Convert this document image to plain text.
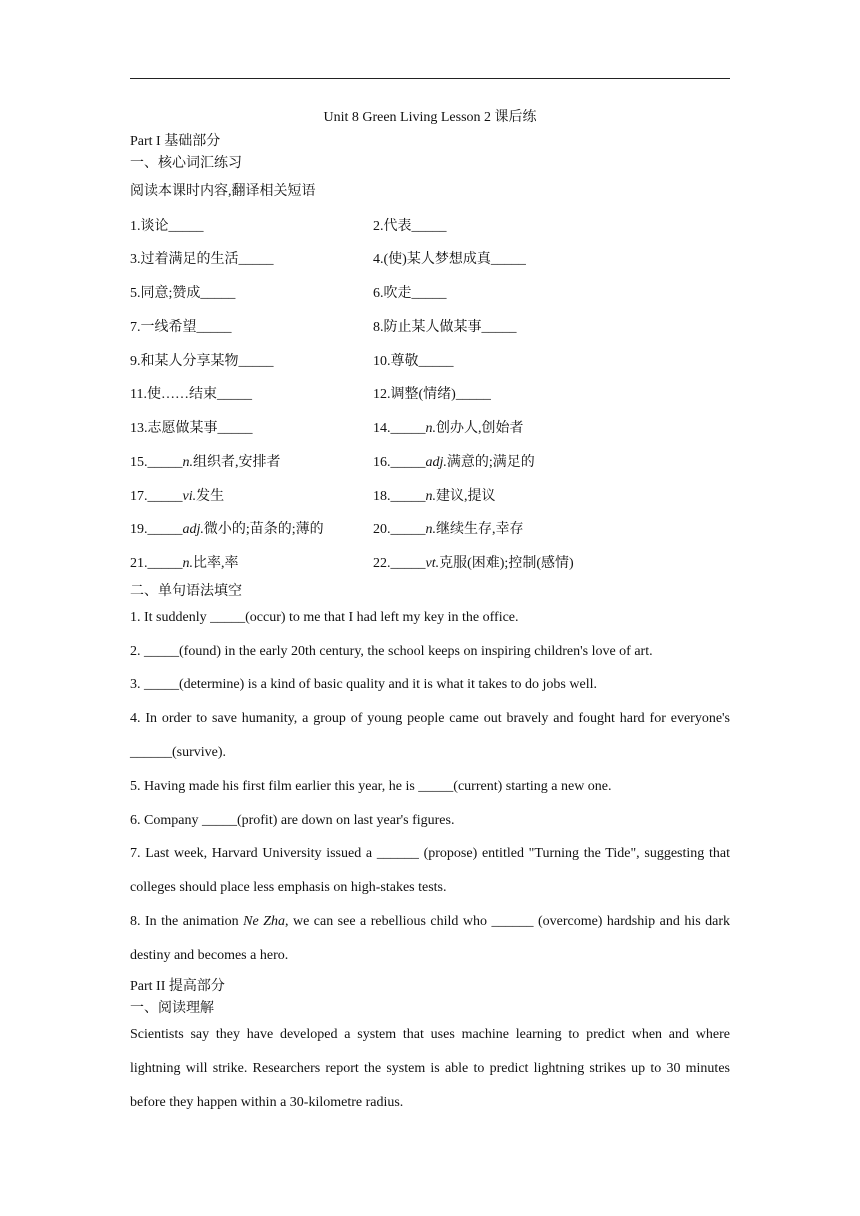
Unit 8 Green Living Lesson 2 课后练
Part I 基础部分
一、核心词汇练习
阅读本课时内容,翻译相关短语
1.谈论_____	2.代表_____
3.过着满足的生活_____	4.(使)某人梦想成真_____
5.同意;赞成_____	6.吹走_____
7.一线希望_____	8.防止某人做某事_____
9.和某人分享某物_____	10.尊敬_____
11.使……结束_____	12.调整(情绪)_____
13.志愿做某事_____	14._____n.创办人,创始者
15._____n.组织者,安排者	16._____adj.满意的;满足的
17._____vi.发生	18._____n.建议,提议
19._____adj.微小的;苗条的;薄的	20._____n.继续生存,幸存
21._____n.比率,率	22._____vt.克服(困难);控制(感情)
二、单句语法填空
1. It suddenly _____(occur) to me that I had left my key in the office.
2. _____(found) in the early 20th century, the school keeps on inspiring children's love of art.
3. _____(determine) is a kind of basic quality and it is what it takes to do jobs well.
4. In order to save humanity, a group of young people came out bravely and fought hard for everyone's ______(survive).
5. Having made his first film earlier this year, he is _____(current) starting a new one.
6. Company _____(profit) are down on last year's figures.
7. Last week, Harvard University issued a ______ (propose) entitled "Turning the Tide", suggesting that colleges should place less emphasis on high-stakes tests.
8. In the animation Ne Zha, we can see a rebellious child who ______ (overcome) hardship and his dark destiny and becomes a hero.
Part II 提高部分
一、阅读理解
Scientists say they have developed a system that uses machine learning to predict when and where lightning will strike. Researchers report the system is able to predict lightning strikes up to 30 minutes before they happen within a 30-kilometre radius.
